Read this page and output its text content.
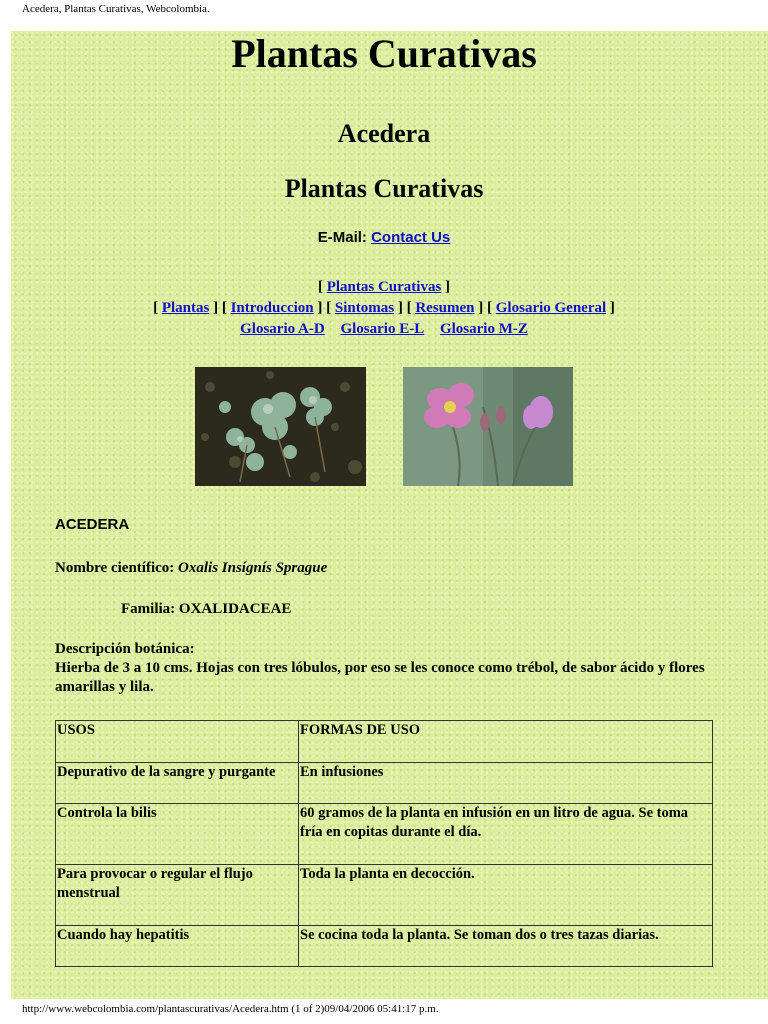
Acedera, Plantas Curativas, Webcolombia.
Plantas Curativas
Acedera
Plantas Curativas
E-Mail: Contact Us
[ Plantas Curativas ]
[ Plantas ] [ Introduccion ] [ Sintomas ] [ Resumen ] [ Glosario General ]
Glosario A-D Glosario E-L Glosario M-Z
ACEDERA
Nombre científico: Oxalis Insígnís Sprague
Familia: OXALIDACEAE
Descripción botánica:
Hierba de 3 a 10 cms. Hojas con tres lóbulos, por eso se les conoce como trébol, de sabor ácido y flores amarillas y lila.
USOS	FORMAS DE USO
Depurativo de la sangre y purgante	En infusiones
Controla la bilis	60 gramos de la planta en infusión en un litro de agua. Se toma fría en copitas durante el día.
Para provocar o regular el flujo menstrual	Toda la planta en decocción.
Cuando hay hepatitis	Se cocina toda la planta. Se toman dos o tres tazas diarias.
http://www.webcolombia.com/plantascurativas/Acedera.htm (1 of 2)09/04/2006 05:41:17 p.m.
